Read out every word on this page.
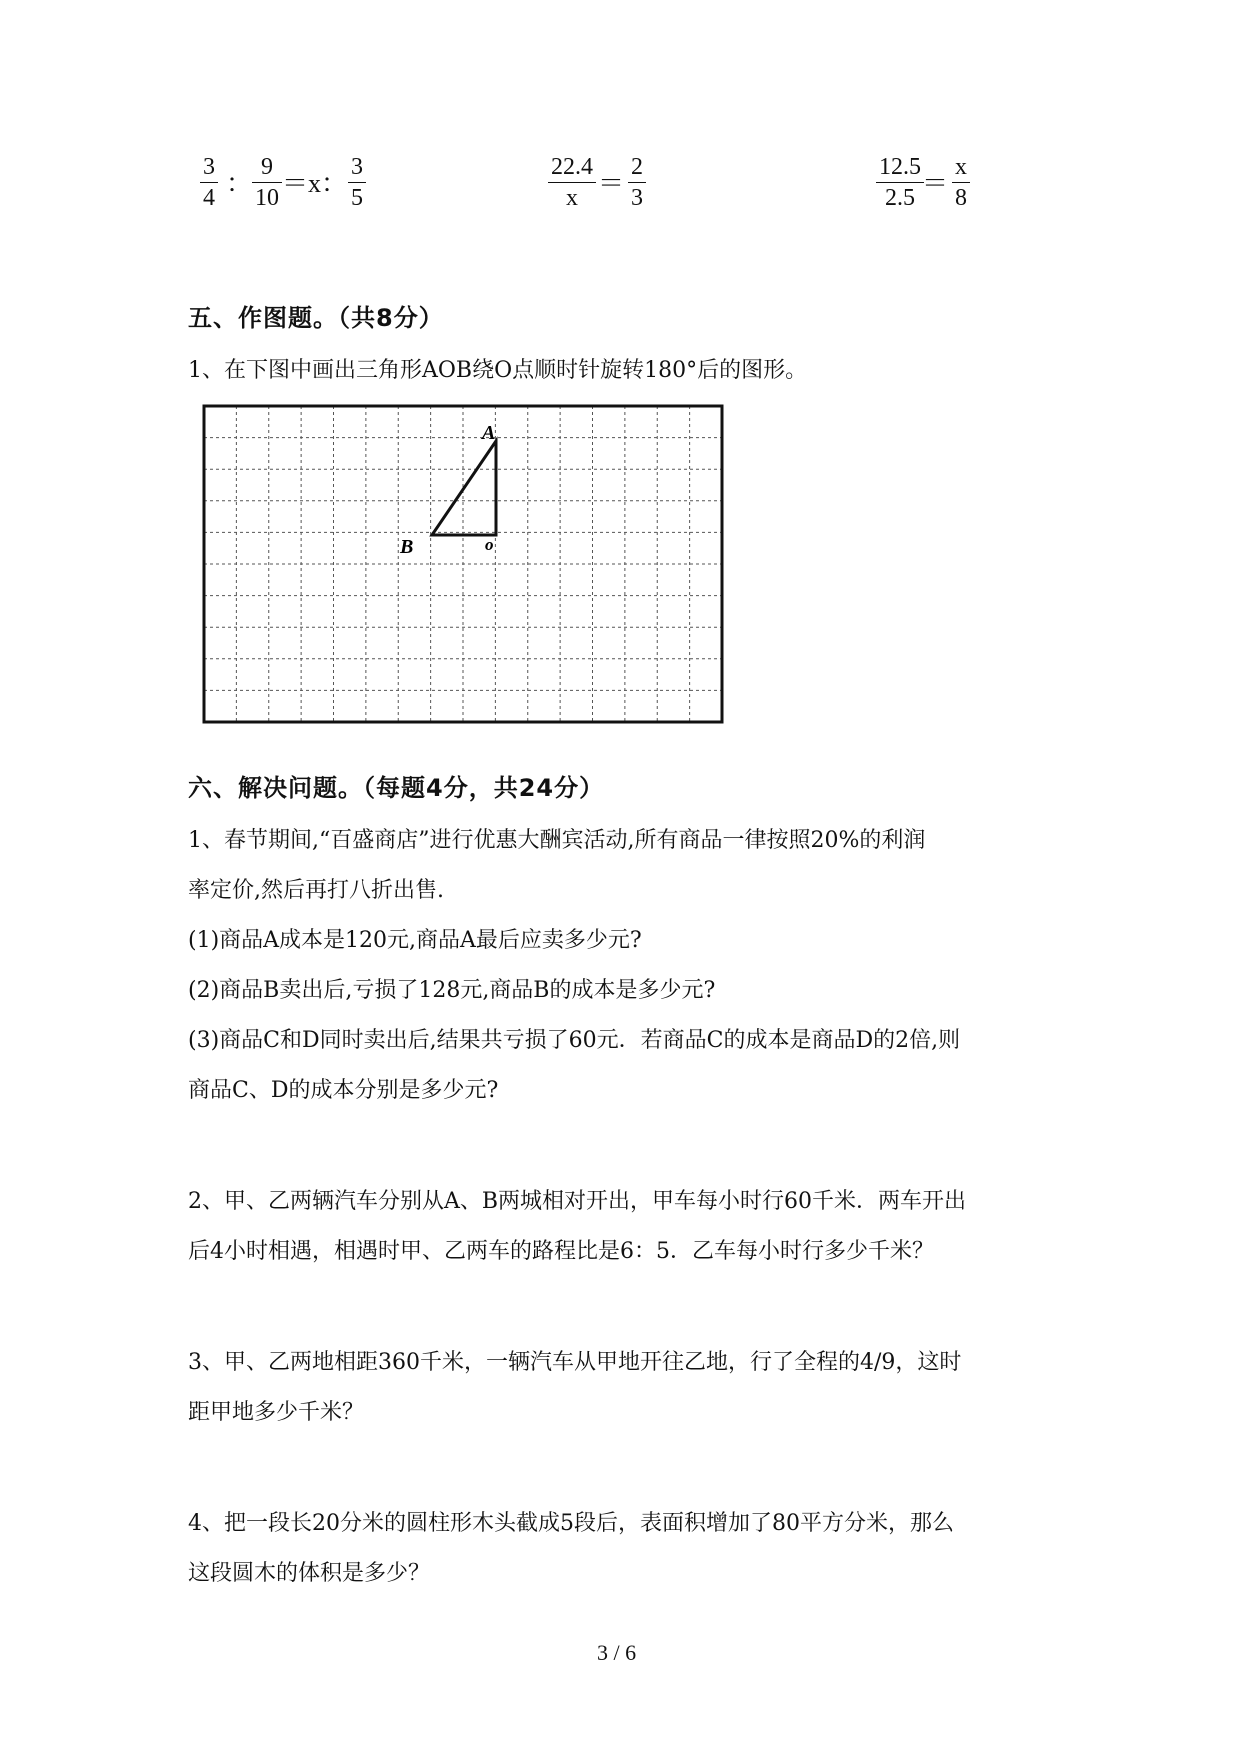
3
4 ：
9
10 ＝x：
3
5
22.4
x ＝
2
3
12.5
2.5 ＝
x
8
五、作图题。（共8分）
1、在下图中画出三角形AOB绕O点顺时针旋转180°后的图形。
A
B	o
六、解决问题。（每题4分，共24分）
1、春节期间,“百盛商店”进行优惠大酬宾活动,所有商品一律按照20%的利润
率定价,然后再打八折出售.
(1)商品A成本是120元,商品A最后应卖多少元?
(2)商品B卖出后,亏损了128元,商品B的成本是多少元?
(3)商品C和D同时卖出后,结果共亏损了60元．若商品C的成本是商品D的2倍,则
商品C、D的成本分别是多少元?
2、甲、乙两辆汽车分别从A、B两城相对开出，甲车每小时行60千米．两车开出
后4小时相遇，相遇时甲、乙两车的路程比是6：5．乙车每小时行多少千米？
3、甲、乙两地相距360千米，一辆汽车从甲地开往乙地，行了全程的4/9，这时
距甲地多少千米？
4、把一段长20分米的圆柱形木头截成5段后，表面积增加了80平方分米，那么
这段圆木的体积是多少？
3 / 6
